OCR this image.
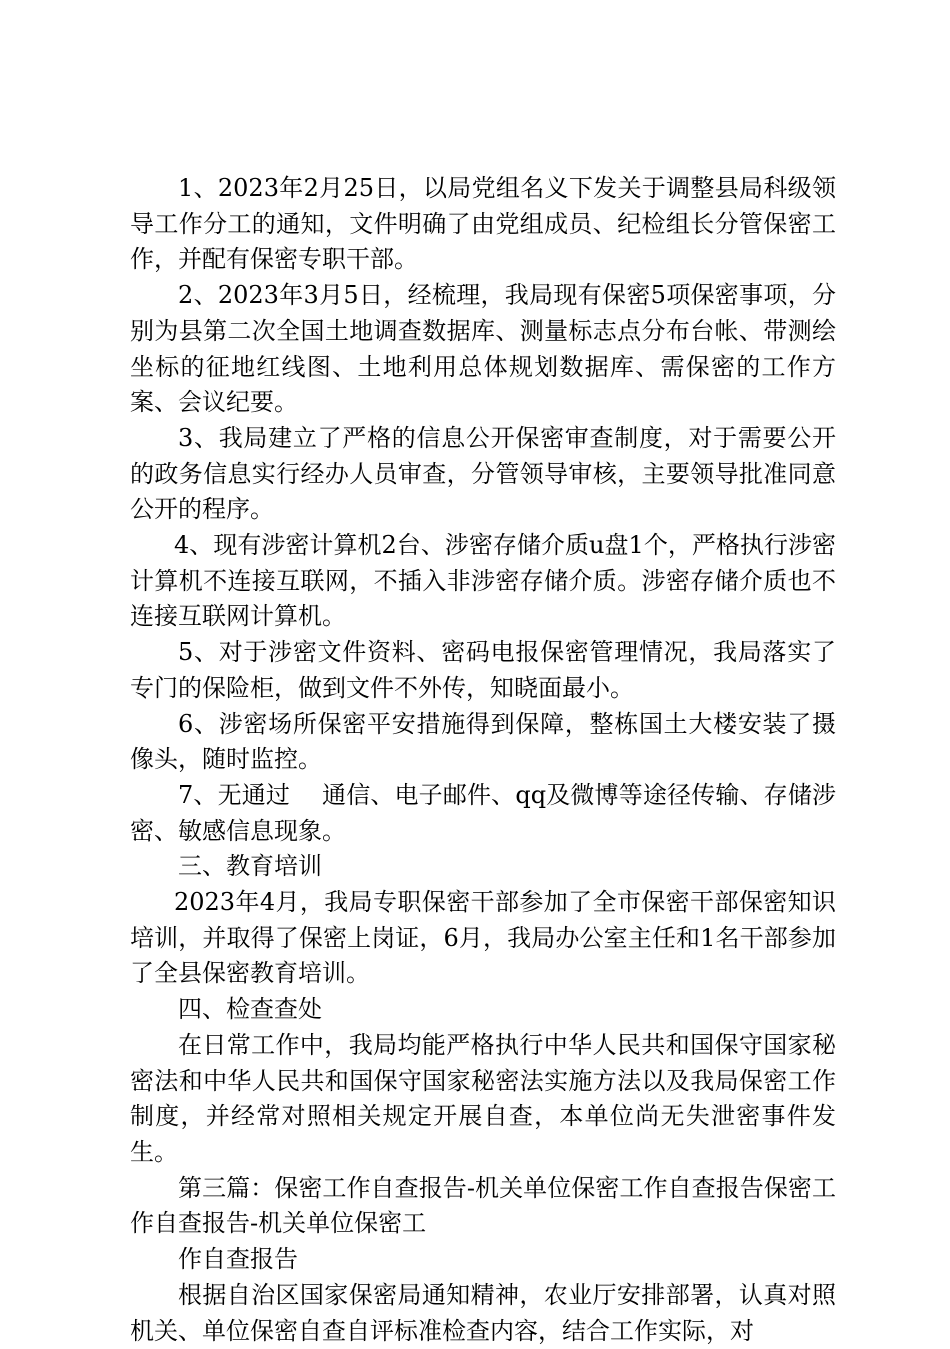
1、2023年2月25日，以局党组名义下发关于调整县局科级领导工作分工的通知，文件明确了由党组成员、纪检组长分管保密工作，并配有保密专职干部。

2、2023年3月5日，经梳理，我局现有保密5项保密事项，分别为县第二次全国土地调查数据库、测量标志点分布台帐、带测绘坐标的征地红线图、土地利用总体规划数据库、需保密的工作方案、会议纪要。

3、我局建立了严格的信息公开保密审查制度，对于需要公开的政务信息实行经办人员审查，分管领导审核，主要领导批准同意公开的程序。

4、现有涉密计算机2台、涉密存储介质u盘1个，严格执行涉密计算机不连接互联网，不插入非涉密存储介质。涉密存储介质也不连接互联网计算机。

5、对于涉密文件资料、密码电报保密管理情况，我局落实了专门的保险柜，做到文件不外传，知晓面最小。

6、涉密场所保密平安措施得到保障，整栋国土大楼安装了摄像头，随时监控。

7、无通过　 通信、电子邮件、qq及微博等途径传输、存储涉密、敏感信息现象。

三、教育培训

2023年4月，我局专职保密干部参加了全市保密干部保密知识培训，并取得了保密上岗证，6月，我局办公室主任和1名干部参加了全县保密教育培训。

四、检查查处

在日常工作中，我局均能严格执行中华人民共和国保守国家秘密法和中华人民共和国保守国家秘密法实施方法以及我局保密工作制度，并经常对照相关规定开展自查，本单位尚无失泄密事件发生。

第三篇：保密工作自查报告-机关单位保密工作自查报告保密工作自查报告-机关单位保密工

作自查报告

根据自治区国家保密局通知精神，农业厅安排部署，认真对照机关、单位保密自查自评标准检查内容，结合工作实际，对
